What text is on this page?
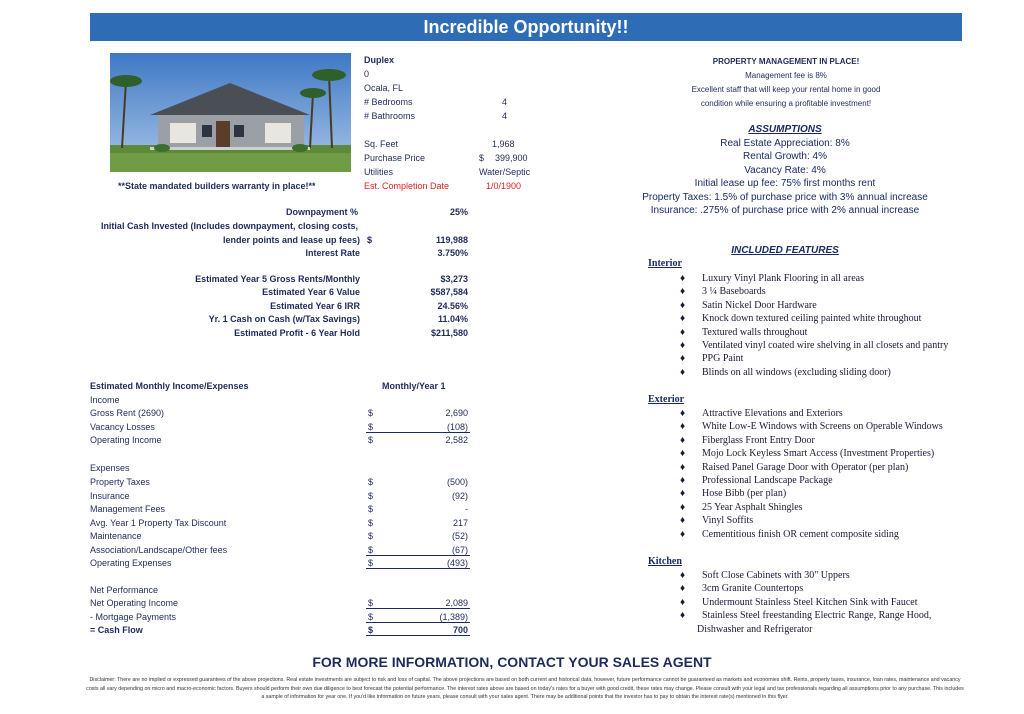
Incredible Opportunity!!
Duplex
0
Ocala, FL
# Bedrooms	4
# Bathrooms	4
Sq. Feet	1,968
Purchase Price	$ 399,900
Utilities	Water/Septic
Est. Completion Date	1/0/1900
**State mandated builders warranty in place!**
Downpayment %	25%
Initial Cash Invested (Includes downpayment, closing costs,
lender points and lease up fees) $	119,988
Interest Rate	3.750%
Estimated Year 5 Gross Rents/Monthly	$3,273
Estimated Year 6 Value	$587,584
Estimated Year 6 IRR	24.56%
Yr. 1 Cash on Cash (w/Tax Savings)	11.04%
Estimated Profit - 6 Year Hold	$211,580
Estimated Monthly Income/Expenses	Monthly/Year 1
Income
Gross Rent (2690)	$	2,690
Vacancy Losses	$	(108)
Operating Income	$	2,582
Expenses
Property Taxes	$	(500)
Insurance	$	(92)
Management Fees	$	-
Avg. Year 1 Property Tax Discount	$	217
Maintenance	$	(52)
Association/Landscape/Other fees	$	(67)
Operating Expenses	$	(493)
Net Performance
Net Operating Income	$	2,089
- Mortgage Payments	$	(1,389)
= Cash Flow	$	700
PROPERTY MANAGEMENT IN PLACE!
Management fee is 8%
Excellent staff that will keep your rental home in good
condition while ensuring a profitable investment!
ASSUMPTIONS
Real Estate Appreciation: 8%
Rental Growth: 4%
Vacancy Rate: 4%
Initial lease up fee: 75% first months rent
Property Taxes: 1.5% of purchase price with 3% annual increase
Insurance: .275% of purchase price with 2% annual increase
INCLUDED FEATURES
Interior
♦ Luxury Vinyl Plank Flooring in all areas
♦ 3 ¼ Baseboards
♦ Satin Nickel Door Hardware
♦ Knock down textured ceiling painted white throughout
♦ Textured walls throughout
♦ Ventilated vinyl coated wire shelving in all closets and pantry
♦ PPG Paint
♦ Blinds on all windows (excluding sliding door)
Exterior
♦ Attractive Elevations and Exteriors
♦ White Low-E Windows with Screens on Operable Windows
♦ Fiberglass Front Entry Door
♦ Mojo Lock Keyless Smart Access (Investment Properties)
♦ Raised Panel Garage Door with Operator (per plan)
♦ Professional Landscape Package
♦ Hose Bibb (per plan)
♦ 25 Year Asphalt Shingles
♦ Vinyl Soffits
♦ Cementitious finish OR cement composite siding
Kitchen
♦ Soft Close Cabinets with 30" Uppers
♦ 3cm Granite Countertops
♦ Undermount Stainless Steel Kitchen Sink with Faucet
♦ Stainless Steel freestanding Electric Range, Range Hood,
Dishwasher and Refrigerator
FOR MORE INFORMATION, CONTACT YOUR SALES AGENT
Disclaimer: There are no implied or expressed guarantees of the above projections. Real estate investments are subject to risk and loss of capital. The above projections are based on both current and historical data, however, future performance cannot be guaranteed as markets and economies shift. Rents, property taxes, insurance, loan rates, maintenance and vacancy costs all vary depending on micro and macro-economic factors. Buyers should perform their own due diligence to best forecast the potential performance. The interest rates above are based on today's rates for a buyer with good credit, these rates may change. Please consult with your legal and tax professionals regarding all assumptions prior to any purchase. This includes a sample of information for year one. If you'd like information on future years, please consult with your sales agent. There may be additional points that the investor has to pay to obtain the interest rate(s) mentioned in this flyer.
